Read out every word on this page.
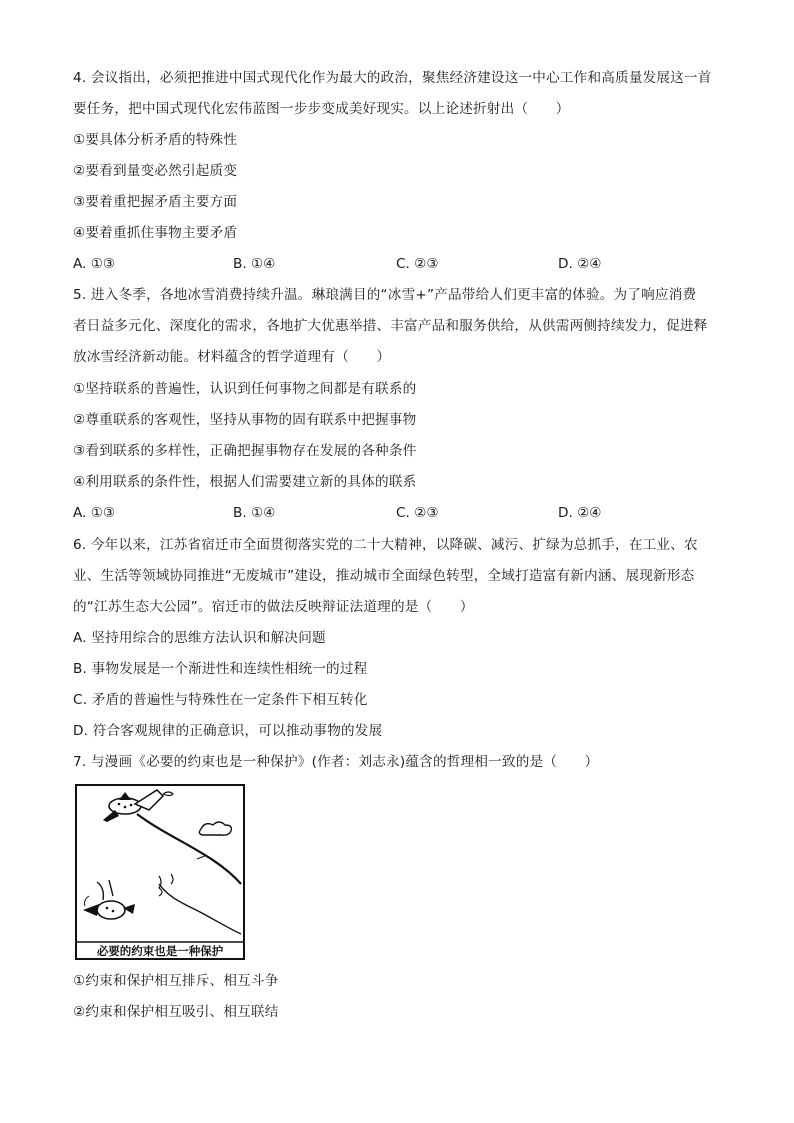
4. 会议指出，必须把推进中国式现代化作为最大的政治，聚焦经济建设这一中心工作和高质量发展这一首
要任务，把中国式现代化宏伟蓝图一步步变成美好现实。以上论述折射出（　　）
①要具体分析矛盾的特殊性
②要看到量变必然引起质变
③要着重把握矛盾主要方面
④要着重抓住事物主要矛盾
A. ①③	B. ①④	C. ②③	D. ②④
5. 进入冬季，各地冰雪消费持续升温。琳琅满目的“冰雪+”产品带给人们更丰富的体验。为了响应消费
者日益多元化、深度化的需求，各地扩大优惠举措、丰富产品和服务供给，从供需两侧持续发力，促进释
放冰雪经济新动能。材料蕴含的哲学道理有（　　）
①坚持联系的普遍性，认识到任何事物之间都是有联系的
②尊重联系的客观性，坚持从事物的固有联系中把握事物
③看到联系的多样性，正确把握事物存在发展的各种条件
④利用联系的条件性，根据人们需要建立新的具体的联系
A. ①③	B. ①④	C. ②③	D. ②④
6. 今年以来，江苏省宿迁市全面贯彻落实党的二十大精神，以降碳、减污、扩绿为总抓手，在工业、农
业、生活等领域协同推进“无废城市”建设，推动城市全面绿色转型，全域打造富有新内涵、展现新形态
的“江苏生态大公园”。宿迁市的做法反映辩证法道理的是（　　）
A. 坚持用综合的思维方法认识和解决问题
B. 事物发展是一个渐进性和连续性相统一的过程
C. 矛盾的普遍性与特殊性在一定条件下相互转化
D. 符合客观规律的正确意识，可以推动事物的发展
7. 与漫画《必要的约束也是一种保护》(作者：刘志永)蕴含的哲理相一致的是（　　）
必要的约束也是一种保护
①约束和保护相互排斥、相互斗争
②约束和保护相互吸引、相互联结
